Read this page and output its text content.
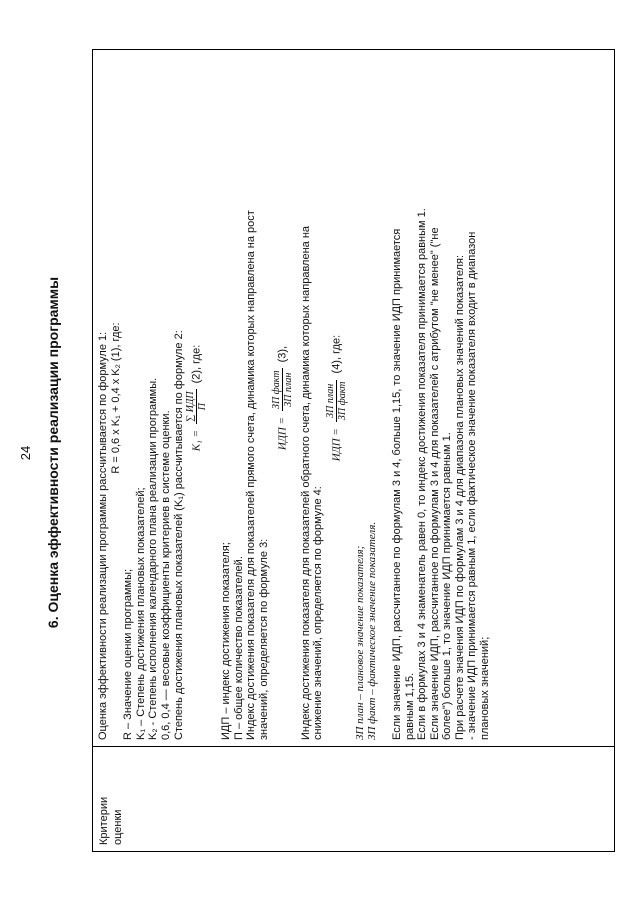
24 6. Оценка эффективности реализации программы
Критерии оценки

Оценка эффективности реализации программы рассчитывается по формуле 1: R = 0,6 x K₁ + 0,4 x K₂ (1), где:
R – Значение оценки программы; K₁ – Степень достижения плановых показателей; K₂ - Степень исполнения календарного плана реализации программы. 0,6, 0,4 — весовые коэффициенты критериев в системе оценки. Степень достижения плановых показателей (K₁) рассчитывается по формуле 2: K₁ =
∑ ИДП П
(2), где:
ИДП – индекс достижения показателя; П – общее количество показателей. Индекс достижения показателя для показателей прямого счета, динамика которых направлена на рост значений, определяется по формуле 3:
ИДП =
ЗП факт ЗП план
(3),	Индекс достижения показателя для показателей обратного счета, динамика которых направлена на снижение значений, определяется по формуле 4:
ИДП =
ЗП план ЗП факт
(4), где:
ЗП план – плановое значение показателя; ЗП факт – фактическое значение показателя. Если значение ИДП, рассчитанное по формулам 3 и 4, больше 1,15, то значение ИДП принимается равным 1,15. Если в формулах 3 и 4 знаменатель равен 0, то индекс достижения показателя принимается равным 1. Если значение ИДП, рассчитанное по формулам 3 и 4 для показателей с атрибутом "не менее" ("не более") больше 1, то значение ИДП принимается равным 1. При расчете значения ИДП по формулам 3 и 4 для диапазона плановых значений показателя: - значение ИДП принимается равным 1, если фактическое значение показателя входит в диапазон плановых значений;
